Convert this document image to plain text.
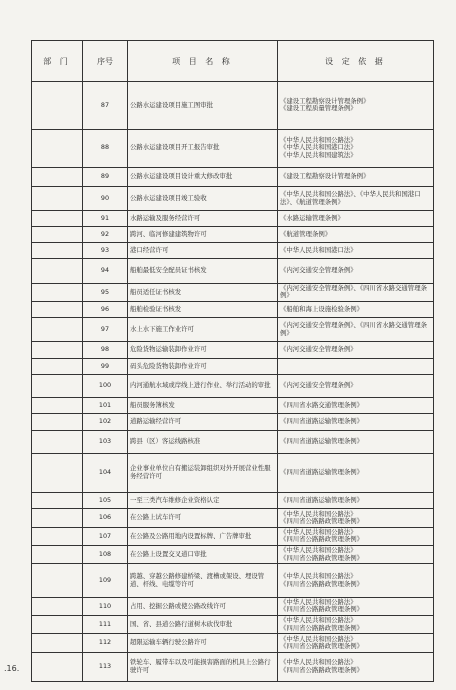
部 门	序号	项 目 名 称	设 定 依 据
	87	公路水运建设项目施工图审批	《建设工程勘察设计管理条例》
《建设工程质量管理条例》
	88	公路水运建设项目开工报告审批	《中华人民共和国公路法》
《中华人民共和国港口法》
《中华人民共和国建筑法》
	89	公路水运建设项目设计重大修改审批	《建设工程勘察设计管理条例》
	90	公路水运建设项目竣工验收	《中华人民共和国公路法》、《中华人民共和国港口法》、《航道管理条例》
	91	水路运输及服务经营许可	《水路运输管理条例》
	92	跨河、临河修建建筑物许可	《航道管理条例》
	93	港口经营许可	《中华人民共和国港口法》
	94	船舶最低安全配员证书核发	《内河交通安全管理条例》
	95	船员适任证书核发	《内河交通安全管理条例》、《四川省水路交通管理条例》
	96	船舶检验证书核发	《船舶和海上设施检验条例》
	97	水上水下施工作业许可	《内河交通安全管理条例》、《四川省水路交通管理条例》
	98	危险货物运输装卸作业许可	《内河交通安全管理条例》
	99	码头危险货物装卸作业许可	
	100	内河通航水域或岸线上进行作业、举行活动的审批	《内河交通安全管理条例》
	101	船员服务簿核发	《四川省水路交通管理条例》
	102	道路运输经营许可	《四川省道路运输管理条例》
	103	跨县（区）客运线路核准	《四川省道路运输管理条例》
	104	企业事业单位自有搬运装卸组织对外开展营业性服务经营许可	《四川省道路运输管理条例》
	105	一至三类汽车维修企业资格认定	《四川省道路运输管理条例》
	106	在公路上试车许可	《中华人民共和国公路法》
《四川省公路路政管理条例》
	107	在公路及公路用地内设置标牌、广告牌审批	《中华人民共和国公路法》
《四川省公路路政管理条例》
	108	在公路上设置交叉道口审批	《中华人民共和国公路法》
《四川省公路路政管理条例》
	109	跨越、穿越公路修建桥梁、渡槽或架设、埋设管道、杆线、电缆等许可	《中华人民共和国公路法》
《四川省公路路政管理条例》
	110	占用、挖掘公路或使公路改线许可	《中华人民共和国公路法》
《四川省公路路政管理条例》
	111	国、省、县道公路行道树木砍伐审批	《中华人民共和国公路法》
《四川省公路路政管理条例》
	112	超限运输车辆行驶公路许可	《中华人民共和国公路法》
《四川省公路路政管理条例》
	113	铁轮车、履带车以及可能损害路面的机具上公路行驶许可	《中华人民共和国公路法》
《四川省公路路政管理条例》
.16.
